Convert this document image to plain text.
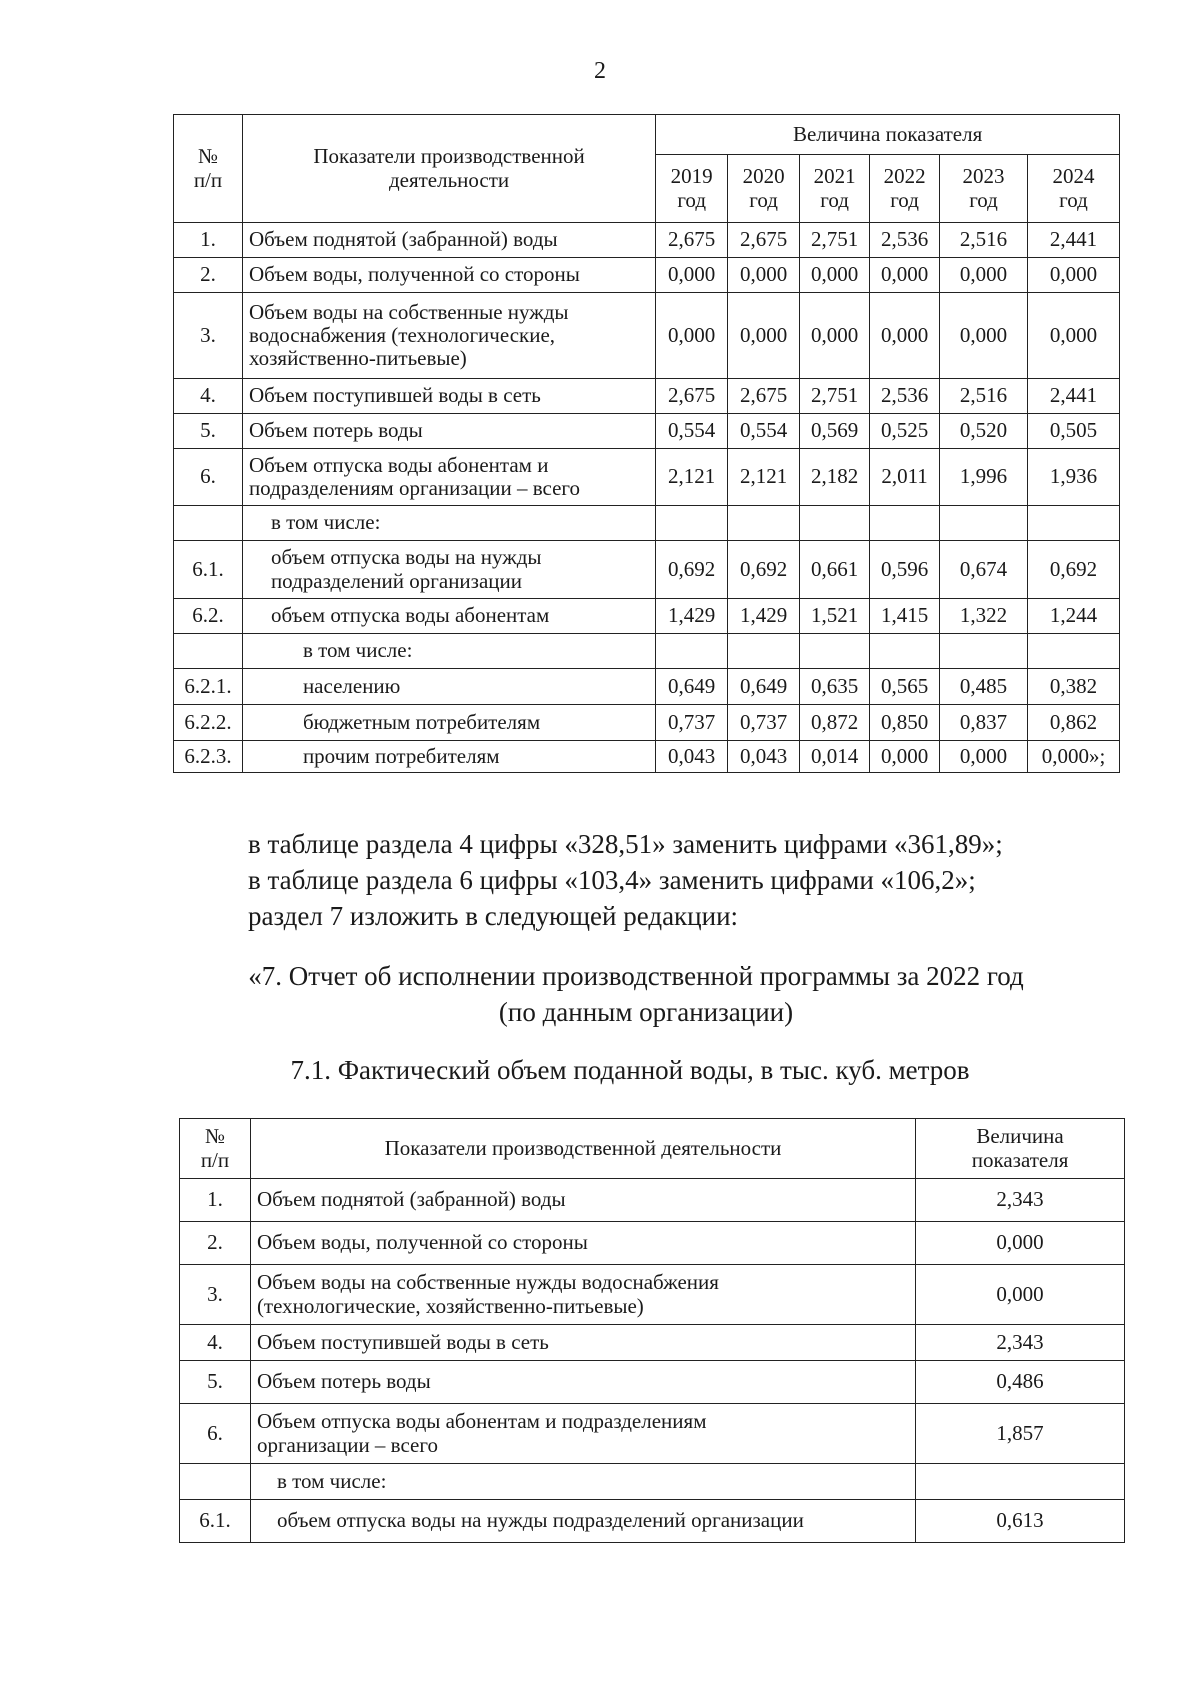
2
№ п/п	Показатели производственной деятельности	Величина показателя					
		2019 год	2020 год	2021 год	2022 год	2023 год	2024 год
1.	Объем поднятой (забранной) воды	2,675	2,675	2,751	2,536	2,516	2,441
2.	Объем воды, полученной со стороны	0,000	0,000	0,000	0,000	0,000	0,000
3.	Объем воды на собственные нужды водоснабжения (технологические, хозяйственно-питьевые)	0,000	0,000	0,000	0,000	0,000	0,000
4.	Объем поступившей воды в сеть	2,675	2,675	2,751	2,536	2,516	2,441
5.	Объем потерь воды	0,554	0,554	0,569	0,525	0,520	0,505
6.	Объем отпуска воды абонентам и подразделениям организации – всего	2,121	2,121	2,182	2,011	1,996	1,936
	в том числе:						
6.1.	объем отпуска воды на нужды подразделений организации	0,692	0,692	0,661	0,596	0,674	0,692
6.2.	объем отпуска воды абонентам	1,429	1,429	1,521	1,415	1,322	1,244
	в том числе:						
6.2.1.	населению	0,649	0,649	0,635	0,565	0,485	0,382
6.2.2.	бюджетным потребителям	0,737	0,737	0,872	0,850	0,837	0,862
6.2.3.	прочим потребителям	0,043	0,043	0,014	0,000	0,000	0,000»;
в таблице раздела 4 цифры «328,51» заменить цифрами «361,89»;
в таблице раздела 6 цифры «103,4» заменить цифрами «106,2»;
раздел 7 изложить в следующей редакции:
«7. Отчет об исполнении производственной программы за 2022 год
(по данным организации)
7.1. Фактический объем поданной воды, в тыс. куб. метров
№ п/п	Показатели производственной деятельности	Величина показателя
1.	Объем поднятой (забранной) воды	2,343
2.	Объем воды, полученной со стороны	0,000
3.	Объем воды на собственные нужды водоснабжения (технологические, хозяйственно-питьевые)	0,000
4.	Объем поступившей воды в сеть	2,343
5.	Объем потерь воды	0,486
6.	Объем отпуска воды абонентам и подразделениям организации – всего	1,857
	в том числе:	
6.1.	объем отпуска воды на нужды подразделений организации	0,613
